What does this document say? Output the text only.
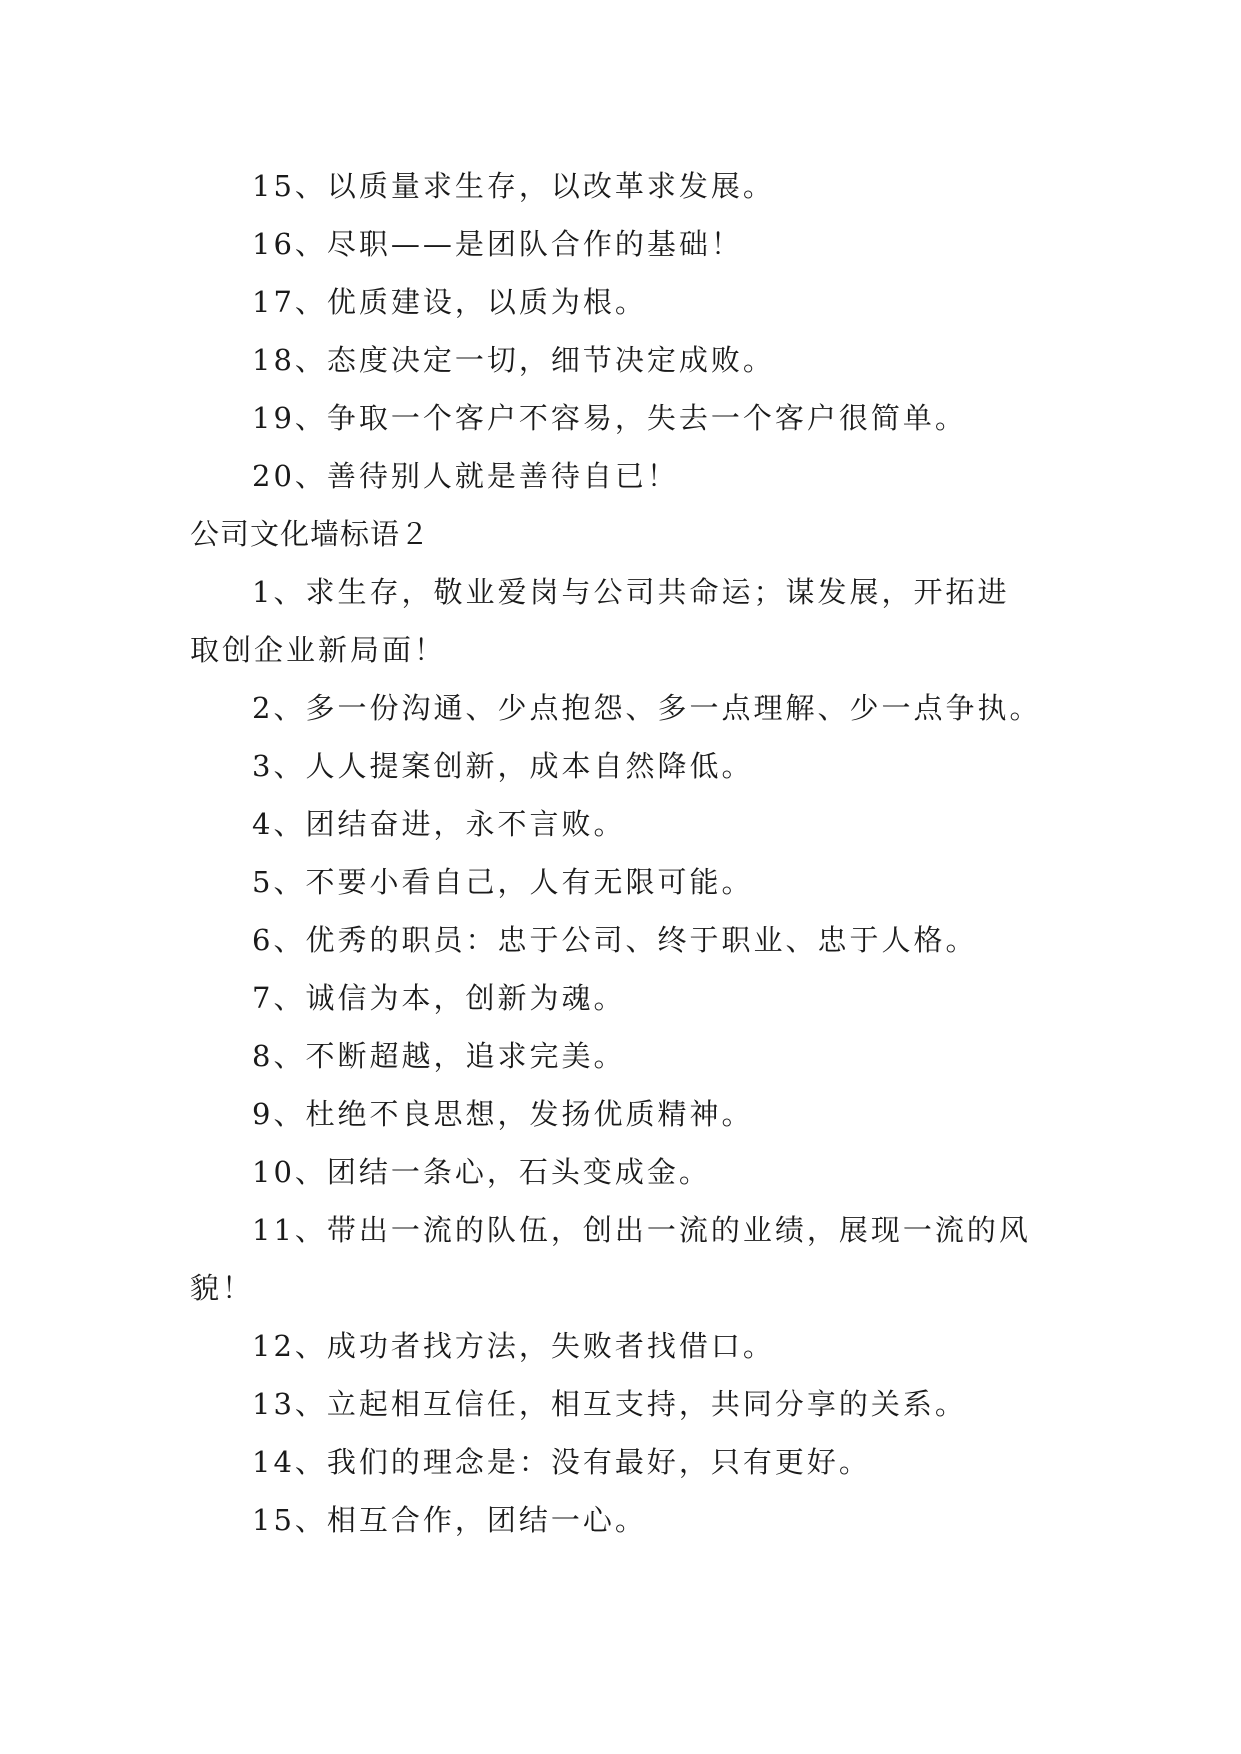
15、以质量求生存，以改革求发展。
16、尽职——是团队合作的基础！
17、优质建设，以质为根。
18、态度决定一切，细节决定成败。
19、争取一个客户不容易，失去一个客户很简单。
20、善待别人就是善待自已！
公司文化墙标语２
1、求生存，敬业爱岗与公司共命运；谋发展，开拓进
取创企业新局面！
2、多一份沟通、少点抱怨、多一点理解、少一点争执。
3、人人提案创新，成本自然降低。
4、团结奋进，永不言败。
5、不要小看自己，人有无限可能。
6、优秀的职员：忠于公司、终于职业、忠于人格。
7、诚信为本，创新为魂。
8、不断超越，追求完美。
9、杜绝不良思想，发扬优质精神。
10、团结一条心，石头变成金。
11、带出一流的队伍，创出一流的业绩，展现一流的风
貌！
12、成功者找方法，失败者找借口。
13、立起相互信任，相互支持，共同分享的关系。
14、我们的理念是：没有最好，只有更好。
15、相互合作，团结一心。
